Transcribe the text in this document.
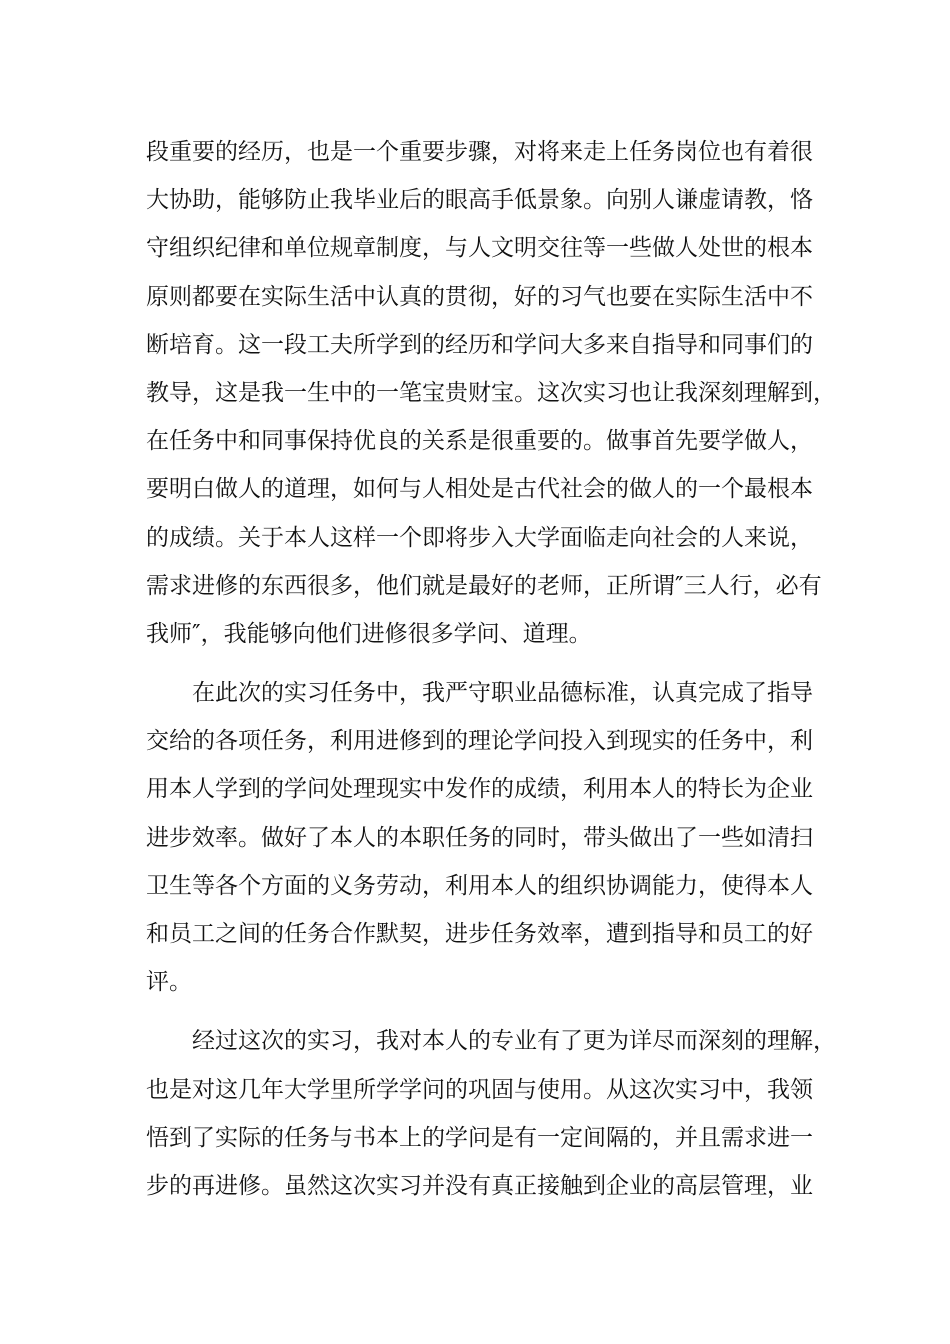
段重要的经历，也是一个重要步骤，对将来走上任务岗位也有着很
大协助，能够防止我毕业后的眼高手低景象。向别人谦虚请教，恪
守组织纪律和单位规章制度，与人文明交往等一些做人处世的根本
原则都要在实际生活中认真的贯彻，好的习气也要在实际生活中不
断培育。这一段工夫所学到的经历和学问大多来自指导和同事们的
教导，这是我一生中的一笔宝贵财宝。这次实习也让我深刻理解到，
在任务中和同事保持优良的关系是很重要的。做事首先要学做人，
要明白做人的道理，如何与人相处是古代社会的做人的一个最根本
的成绩。关于本人这样一个即将步入大学面临走向社会的人来说，
需求进修的东西很多，他们就是最好的老师，正所谓″三人行，必有
我师″，我能够向他们进修很多学问、道理。
在此次的实习任务中，我严守职业品德标准，认真完成了指导
交给的各项任务，利用进修到的理论学问投入到现实的任务中，利
用本人学到的学问处理现实中发作的成绩，利用本人的特长为企业
进步效率。做好了本人的本职任务的同时，带头做出了一些如清扫
卫生等各个方面的义务劳动，利用本人的组织协调能力，使得本人
和员工之间的任务合作默契，进步任务效率，遭到指导和员工的好
评。
经过这次的实习，我对本人的专业有了更为详尽而深刻的理解，
也是对这几年大学里所学学问的巩固与使用。从这次实习中，我领
悟到了实际的任务与书本上的学问是有一定间隔的，并且需求进一
步的再进修。虽然这次实习并没有真正接触到企业的高层管理，业
